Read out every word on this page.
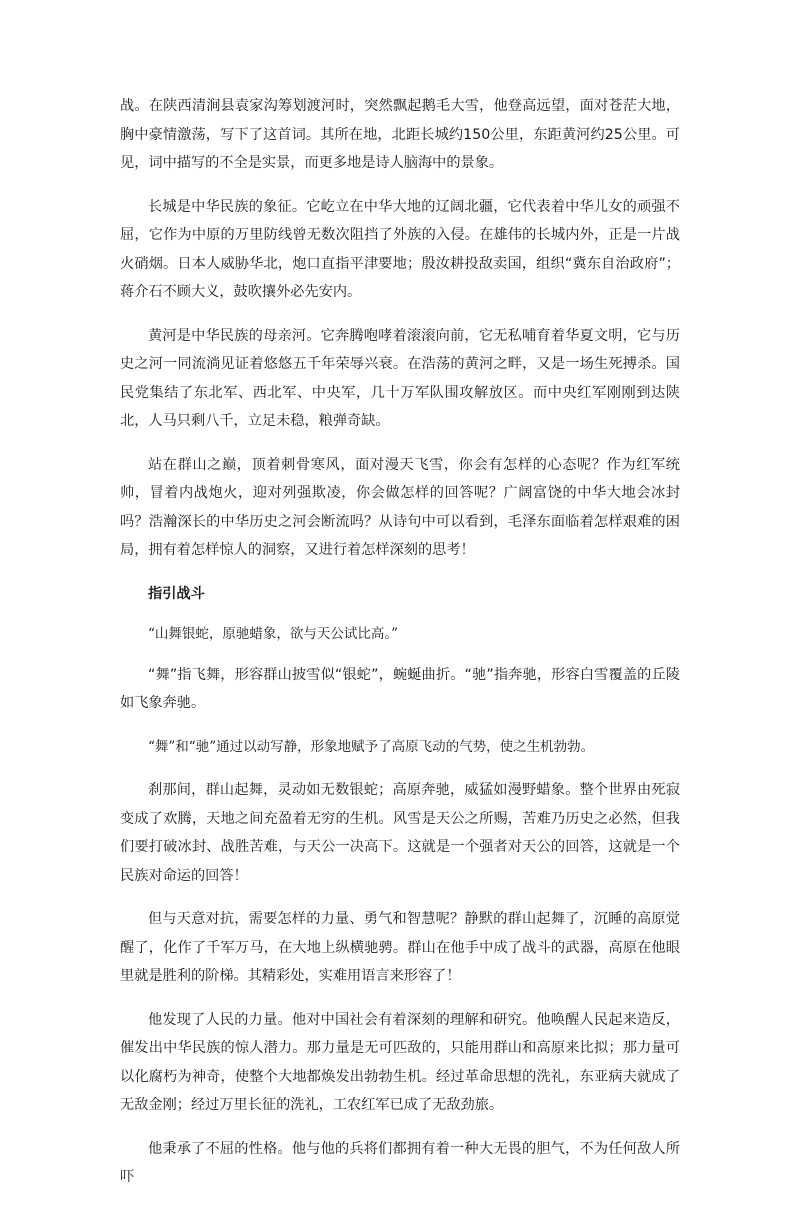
战。在陕西清涧县袁家沟筹划渡河时，突然飘起鹅毛大雪，他登高远望，面对苍茫大地，胸中豪情激荡，写下了这首词。其所在地，北距长城约150公里，东距黄河约25公里。可见，词中描写的不全是实景，而更多地是诗人脑海中的景象。

长城是中华民族的象征。它屹立在中华大地的辽阔北疆，它代表着中华儿女的顽强不屈，它作为中原的万里防线曾无数次阻挡了外族的入侵。在雄伟的长城内外，正是一片战火硝烟。日本人威胁华北，炮口直指平津要地；殷汝耕投敌卖国，组织“冀东自治政府”；蒋介石不顾大义，鼓吹攘外必先安内。

黄河是中华民族的母亲河。它奔腾咆哮着滚滚向前，它无私哺育着华夏文明，它与历史之河一同流淌见证着悠悠五千年荣辱兴衰。在浩荡的黄河之畔，又是一场生死搏杀。国民党集结了东北军、西北军、中央军，几十万军队围攻解放区。而中央红军刚刚到达陕北，人马只剩八千，立足未稳，粮弹奇缺。

站在群山之巅，顶着刺骨寒风，面对漫天飞雪，你会有怎样的心态呢？作为红军统帅，冒着内战炮火，迎对列强欺凌，你会做怎样的回答呢？广阔富饶的中华大地会冰封吗？浩瀚深长的中华历史之河会断流吗？从诗句中可以看到，毛泽东面临着怎样艰难的困局，拥有着怎样惊人的洞察，又进行着怎样深刻的思考！

指引战斗

“山舞银蛇，原驰蜡象，欲与天公试比高。”

“舞”指飞舞，形容群山披雪似“银蛇”，蜿蜒曲折。“驰”指奔驰，形容白雪覆盖的丘陵如飞象奔驰。

“舞”和“驰”通过以动写静，形象地赋予了高原飞动的气势，使之生机勃勃。

刹那间，群山起舞，灵动如无数银蛇；高原奔驰，威猛如漫野蜡象。整个世界由死寂变成了欢腾，天地之间充盈着无穷的生机。风雪是天公之所赐，苦难乃历史之必然，但我们要打破冰封、战胜苦难，与天公一决高下。这就是一个强者对天公的回答，这就是一个民族对命运的回答！

但与天意对抗，需要怎样的力量、勇气和智慧呢？静默的群山起舞了，沉睡的高原觉醒了，化作了千军万马，在大地上纵横驰骋。群山在他手中成了战斗的武器，高原在他眼里就是胜利的阶梯。其精彩处，实难用语言来形容了！

他发现了人民的力量。他对中国社会有着深刻的理解和研究。他唤醒人民起来造反，催发出中华民族的惊人潜力。那力量是无可匹敌的，只能用群山和高原来比拟；那力量可以化腐朽为神奇，使整个大地都焕发出勃勃生机。经过革命思想的洗礼，东亚病夫就成了无敌金刚；经过万里长征的洗礼，工农红军已成了无敌劲旅。

他秉承了不屈的性格。他与他的兵将们都拥有着一种大无畏的胆气，不为任何敌人所吓
